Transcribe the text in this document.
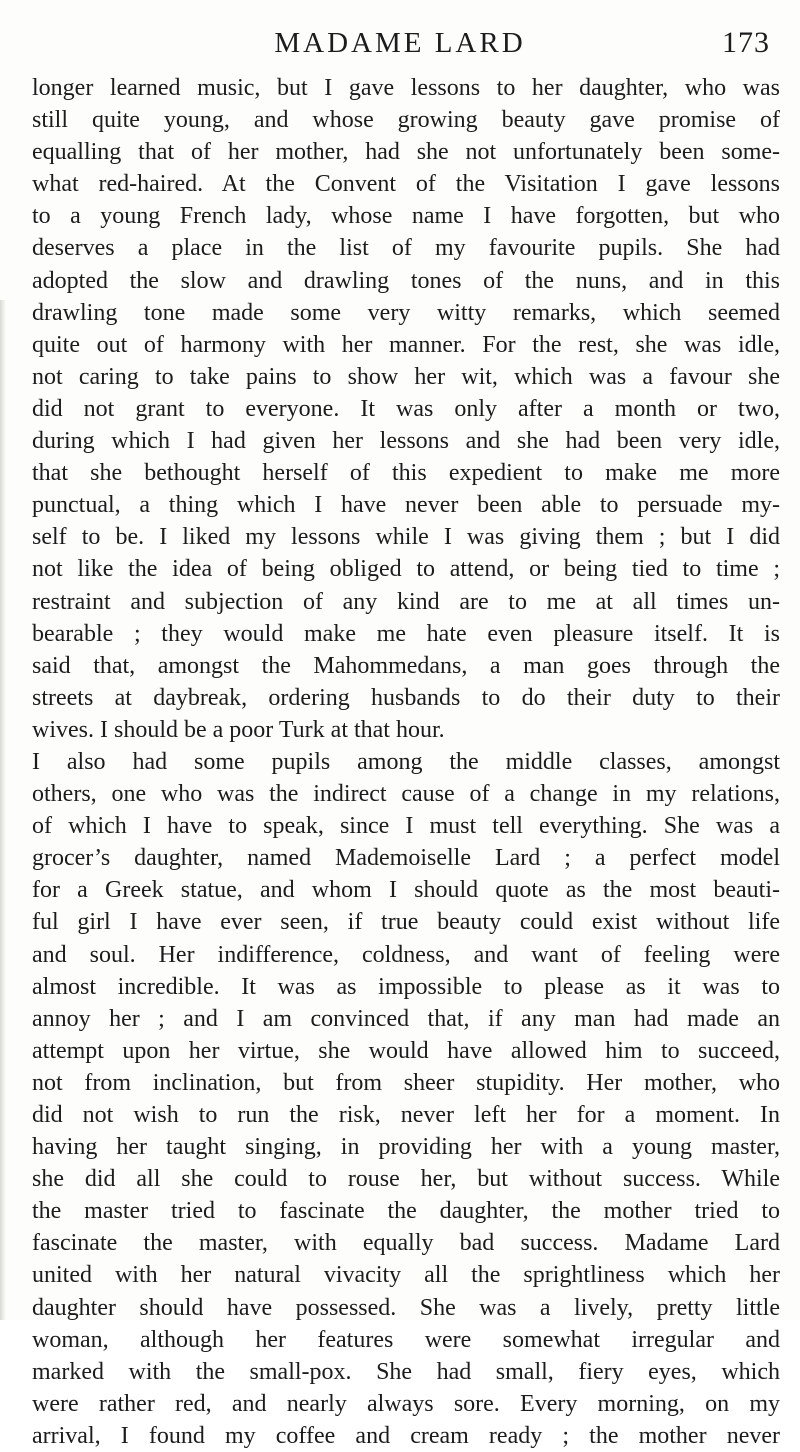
MADAME LARD	173
longer learned music, but I gave lessons to her daughter, who was
still quite young, and whose growing beauty gave promise of
equalling that of her mother, had she not unfortunately been some-
what red-haired. At the Convent of the Visitation I gave lessons
to a young French lady, whose name I have forgotten, but who
deserves a place in the list of my favourite pupils. She had
adopted the slow and drawling tones of the nuns, and in this
drawling tone made some very witty remarks, which seemed
quite out of harmony with her manner. For the rest, she was idle,
not caring to take pains to show her wit, which was a favour she
did not grant to everyone. It was only after a month or two,
during which I had given her lessons and she had been very idle,
that she bethought herself of this expedient to make me more
punctual, a thing which I have never been able to persuade my-
self to be. I liked my lessons while I was giving them ; but I did
not like the idea of being obliged to attend, or being tied to time ;
restraint and subjection of any kind are to me at all times un-
bearable ; they would make me hate even pleasure itself. It is
said that, amongst the Mahommedans, a man goes through the
streets at daybreak, ordering husbands to do their duty to their
wives. I should be a poor Turk at that hour.
I also had some pupils among the middle classes, amongst
others, one who was the indirect cause of a change in my relations,
of which I have to speak, since I must tell everything. She was a
grocer’s daughter, named Mademoiselle Lard ; a perfect model
for a Greek statue, and whom I should quote as the most beauti-
ful girl I have ever seen, if true beauty could exist without life
and soul. Her indifference, coldness, and want of feeling were
almost incredible. It was as impossible to please as it was to
annoy her ; and I am convinced that, if any man had made an
attempt upon her virtue, she would have allowed him to succeed,
not from inclination, but from sheer stupidity. Her mother, who
did not wish to run the risk, never left her for a moment. In
having her taught singing, in providing her with a young master,
she did all she could to rouse her, but without success. While
the master tried to fascinate the daughter, the mother tried to
fascinate the master, with equally bad success. Madame Lard
united with her natural vivacity all the sprightliness which her
daughter should have possessed. She was a lively, pretty little
woman, although her features were somewhat irregular and
marked with the small-pox. She had small, fiery eyes, which
were rather red, and nearly always sore. Every morning, on my
arrival, I found my coffee and cream ready ; the mother never
